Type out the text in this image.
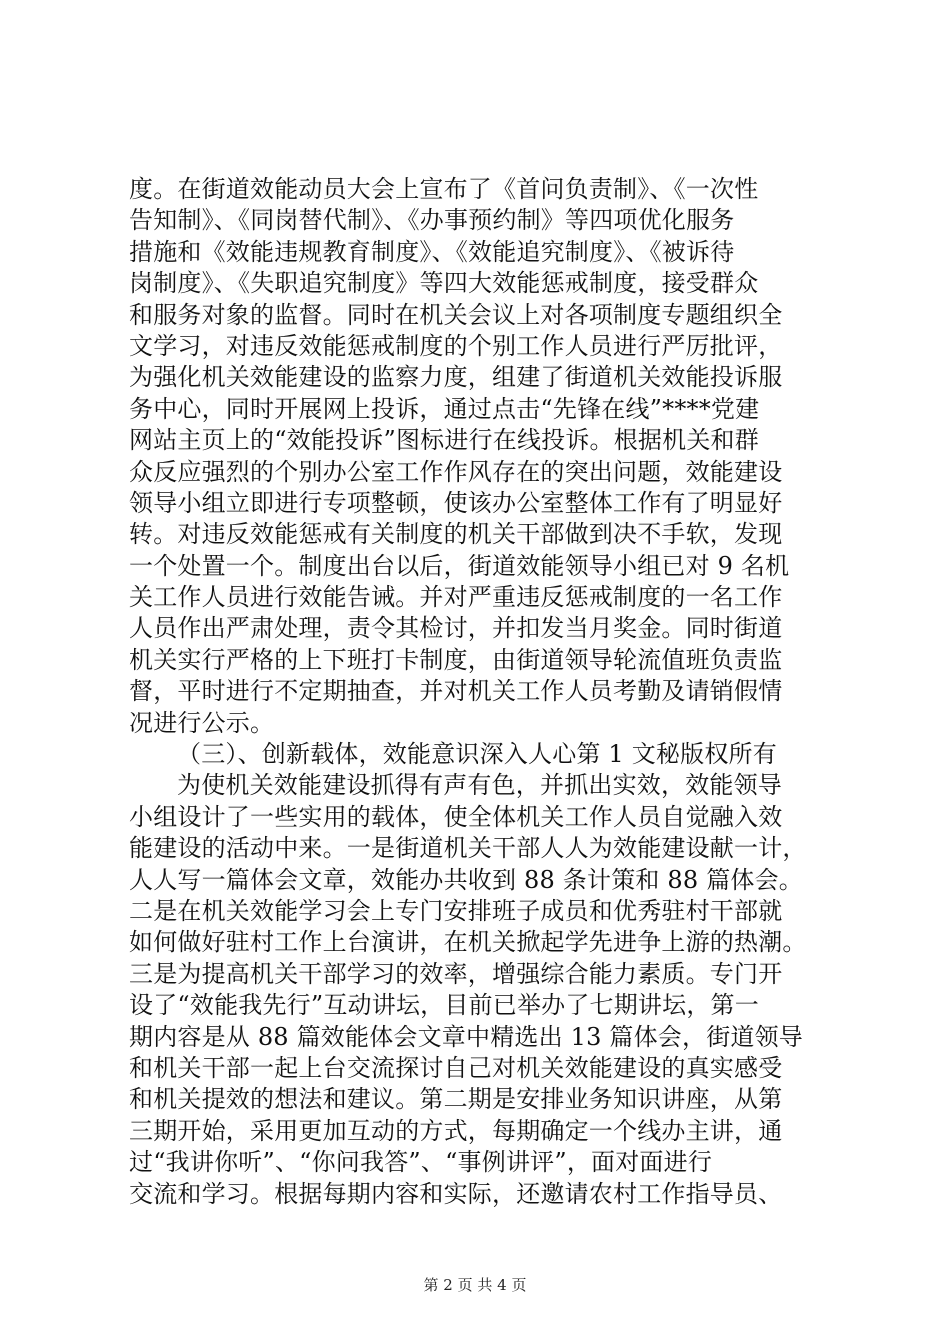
度。在街道效能动员大会上宣布了《首问负责制》、《一次性
告知制》、《同岗替代制》、《办事预约制》等四项优化服务
措施和《效能违规教育制度》、《效能追究制度》、《被诉待
岗制度》、《失职追究制度》等四大效能惩戒制度，接受群众
和服务对象的监督。同时在机关会议上对各项制度专题组织全
文学习，对违反效能惩戒制度的个别工作人员进行严厉批评，
为强化机关效能建设的监察力度，组建了街道机关效能投诉服
务中心，同时开展网上投诉，通过点击“先锋在线”****党建
网站主页上的“效能投诉”图标进行在线投诉。根据机关和群
众反应强烈的个别办公室工作作风存在的突出问题，效能建设
领导小组立即进行专项整顿，使该办公室整体工作有了明显好
转。对违反效能惩戒有关制度的机关干部做到决不手软，发现
一个处置一个。制度出台以后，街道效能领导小组已对 9 名机
关工作人员进行效能告诫。并对严重违反惩戒制度的一名工作
人员作出严肃处理，责令其检讨，并扣发当月奖金。同时街道
机关实行严格的上下班打卡制度，由街道领导轮流值班负责监
督，平时进行不定期抽查，并对机关工作人员考勤及请销假情
况进行公示。
（三）、创新载体，效能意识深入人心第 1 文秘版权所有
为使机关效能建设抓得有声有色，并抓出实效，效能领导
小组设计了一些实用的载体，使全体机关工作人员自觉融入效
能建设的活动中来。一是街道机关干部人人为效能建设献一计，
人人写一篇体会文章，效能办共收到 88 条计策和 88 篇体会。
二是在机关效能学习会上专门安排班子成员和优秀驻村干部就
如何做好驻村工作上台演讲，在机关掀起学先进争上游的热潮。
三是为提高机关干部学习的效率，增强综合能力素质。专门开
设了“效能我先行”互动讲坛，目前已举办了七期讲坛，第一
期内容是从 88 篇效能体会文章中精选出 13 篇体会，街道领导
和机关干部一起上台交流探讨自己对机关效能建设的真实感受
和机关提效的想法和建议。第二期是安排业务知识讲座，从第
三期开始，采用更加互动的方式，每期确定一个线办主讲，通
过“我讲你听”、“你问我答”、“事例讲评”，面对面进行
交流和学习。根据每期内容和实际，还邀请农村工作指导员、
第 2 页 共 4 页
